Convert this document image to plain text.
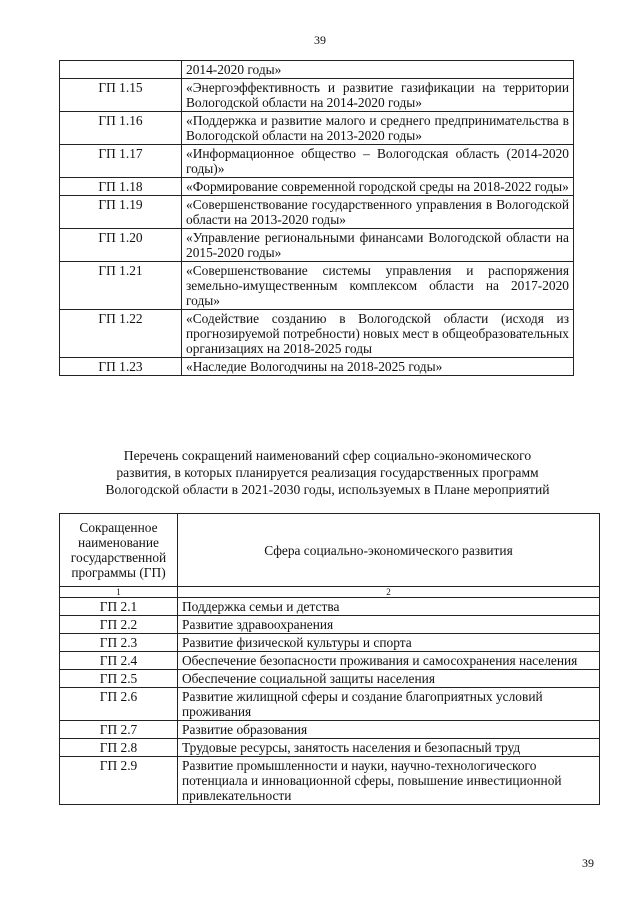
39
	2014-2020 годы»
ГП 1.15	«Энергоэффективность и развитие газификации на территории Вологодской области на 2014-2020 годы»
ГП 1.16	«Поддержка и развитие малого и среднего предпринимательства в Вологодской области на 2013-2020 годы»
ГП 1.17	«Информационное общество – Вологодская область (2014-2020 годы)»
ГП 1.18	«Формирование современной городской среды на 2018-2022 годы»
ГП 1.19	«Совершенствование государственного управления в Вологодской области на 2013-2020 годы»
ГП 1.20	«Управление региональными финансами Вологодской области на 2015-2020 годы»
ГП 1.21	«Совершенствование системы управления и распоряжения земельно-имущественным комплексом области на 2017-2020 годы»
ГП 1.22	«Содействие созданию в Вологодской области (исходя из прогнозируемой потребности) новых мест в общеобразовательных организациях на 2018-2025 годы
ГП 1.23	«Наследие Вологодчины на 2018-2025 годы»
Перечень сокращений наименований сфер социально-экономического
развития, в которых планируется реализация государственных программ
Вологодской области в 2021-2030 годы, используемых в Плане мероприятий
Сокращенное наименование государственной программы (ГП)	Сфера социально-экономического развития
1	2
ГП 2.1	Поддержка семьи и детства
ГП 2.2	Развитие здравоохранения
ГП 2.3	Развитие физической культуры и спорта
ГП 2.4	Обеспечение безопасности проживания и самосохранения населения
ГП 2.5	Обеспечение социальной защиты населения
ГП 2.6	Развитие жилищной сферы и создание благоприятных условий проживания
ГП 2.7	Развитие образования
ГП 2.8	Трудовые ресурсы, занятость населения и безопасный труд
ГП 2.9	Развитие промышленности и науки, научно-технологического потенциала и инновационной сферы, повышение инвестиционной привлекательности
39
